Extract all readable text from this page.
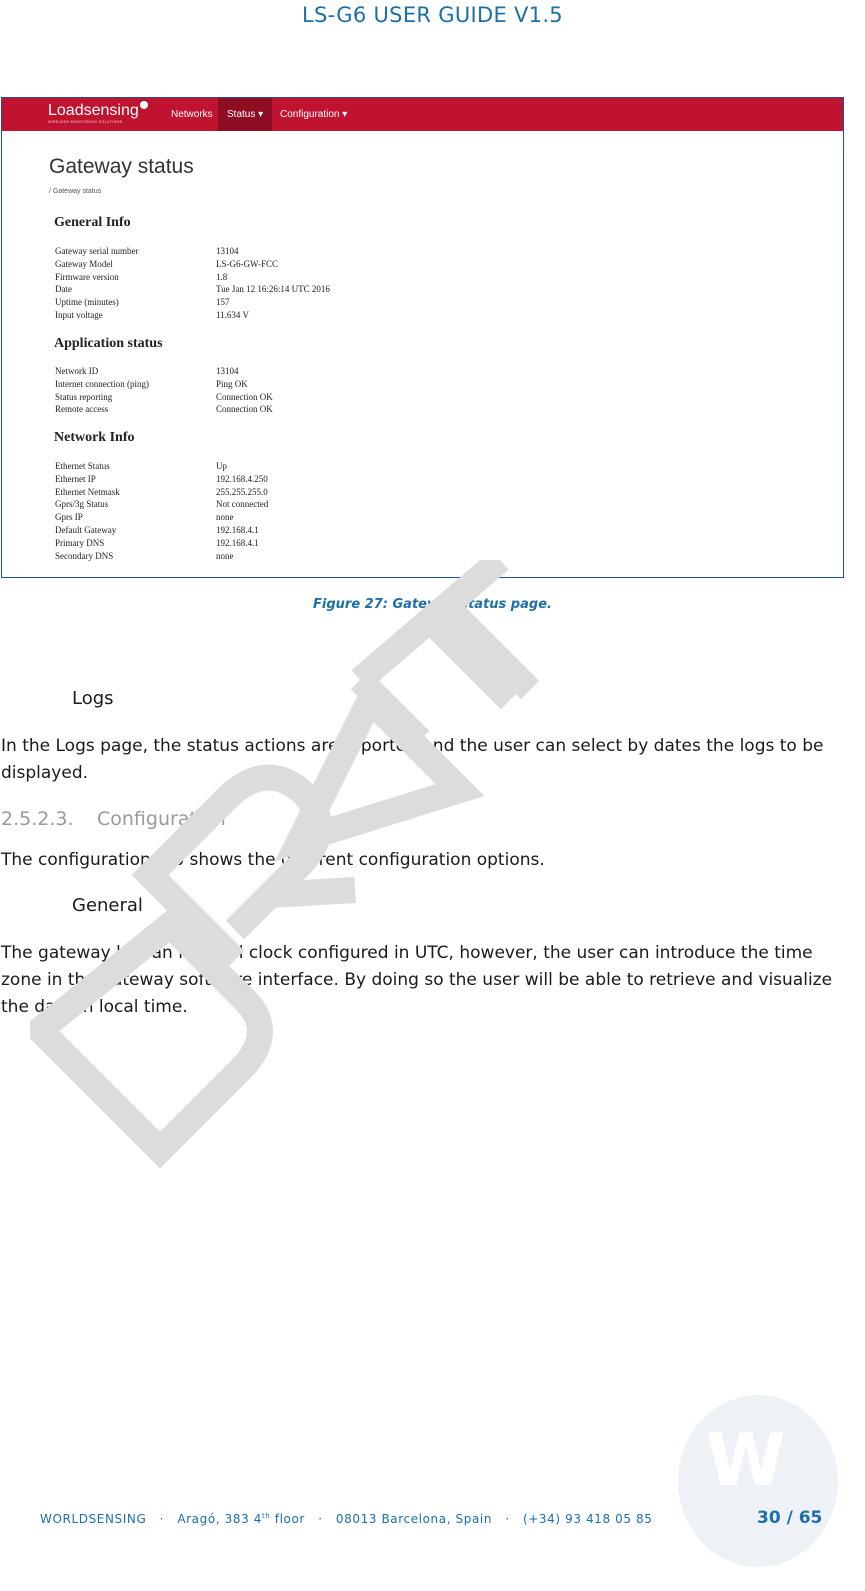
LS-G6 USER GUIDE V1.5
Loadsensing
WIRELESS MONITORING SOLUTIONS
Networks	Status ▾	Configuration ▾
Gateway status
/ Gateway status
General Info
Gateway serial number	13104
Gateway Model	LS-G6-GW-FCC
Firmware version	1.8
Date	Tue Jan 12 16:26:14 UTC 2016
Uptime (minutes)	157
Input voltage	11.634 V
Application status
Network ID	13104
Internet connection (ping)	Ping OK
Status reporting	Connection OK
Remote access	Connection OK
Network Info
Ethernet Status	Up
Ethernet IP	192.168.4.250
Ethernet Netmask	255.255.255.0
Gprs/3g Status	Not connected
Gprs IP	none
Default Gateway	192.168.4.1
Primary DNS	192.168.4.1
Secondary DNS	none
Figure 27: Gateway status page.
Logs
In the Logs page, the status actions are reported and the user can select by dates the logs to be displayed.
2.5.2.3. Configuration
The configuration tab shows the different configuration options.
General
The gateway has an internal clock configured in UTC, however, the user can introduce the time zone in the gateway software interface. By doing so the user will be able to retrieve and visualize the data in local time.
W
WORLDSENSING · Aragó, 383 4th floor · 08013 Barcelona, Spain · (+34) 93 418 05 85	30 / 65
